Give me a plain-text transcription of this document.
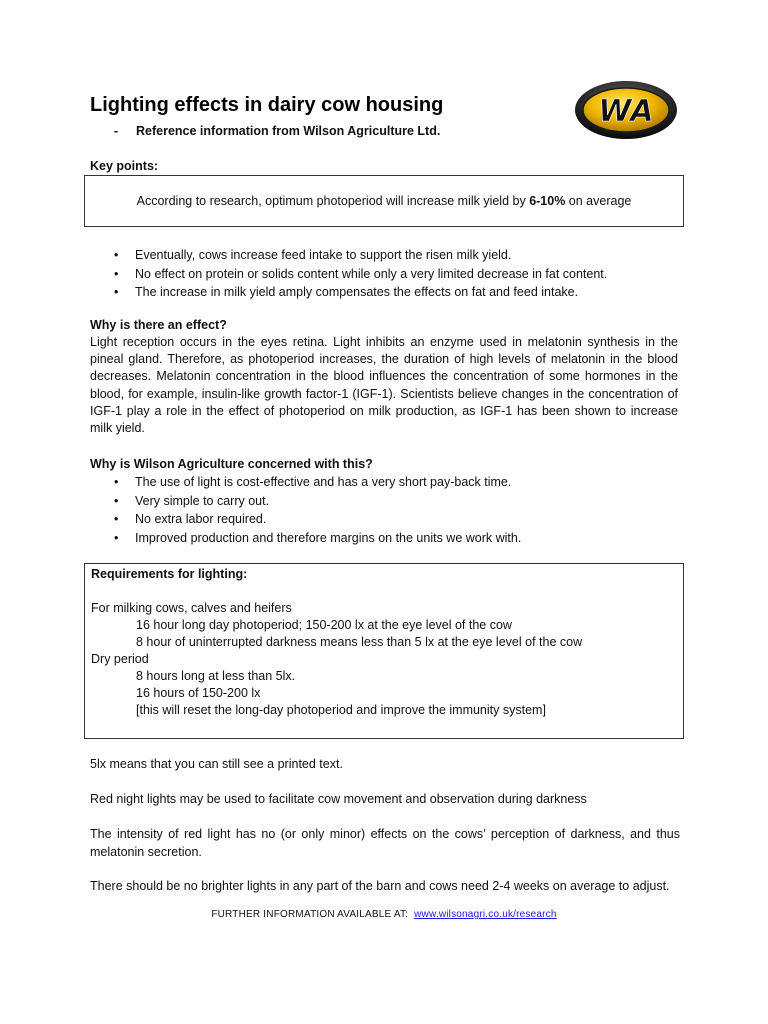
Lighting effects in dairy cow housing
- Reference information from Wilson Agriculture Ltd.
WA
Key points:
According to research, optimum photoperiod will increase milk yield by 6-10% on average
• Eventually, cows increase feed intake to support the risen milk yield.
• No effect on protein or solids content while only a very limited decrease in fat content.
• The increase in milk yield amply compensates the effects on fat and feed intake.
Why is there an effect?
Light reception occurs in the eyes retina. Light inhibits an enzyme used in melatonin synthesis in the pineal gland. Therefore, as photoperiod increases, the duration of high levels of melatonin in the blood decreases. Melatonin concentration in the blood influences the concentration of some hormones in the blood, for example, insulin-like growth factor-1 (IGF-1). Scientists believe changes in the concentration of IGF-1 play a role in the effect of photoperiod on milk production, as IGF-1 has been shown to increase milk yield.
Why is Wilson Agriculture concerned with this?
• The use of light is cost-effective and has a very short pay-back time.
• Very simple to carry out.
• No extra labor required.
• Improved production and therefore margins on the units we work with.
Requirements for lighting:
For milking cows, calves and heifers
16 hour long day photoperiod; 150-200 lx at the eye level of the cow
8 hour of uninterrupted darkness means less than 5 lx at the eye level of the cow
Dry period
8 hours long at less than 5lx.
16 hours of 150-200 lx
[this will reset the long-day photoperiod and improve the immunity system]
5lx means that you can still see a printed text.
Red night lights may be used to facilitate cow movement and observation during darkness
The intensity of red light has no (or only minor) effects on the cows’ perception of darkness, and thus melatonin secretion.
There should be no brighter lights in any part of the barn and cows need 2-4 weeks on average to adjust.
FURTHER INFORMATION AVAILABLE AT: www.wilsonagri.co.uk/research
